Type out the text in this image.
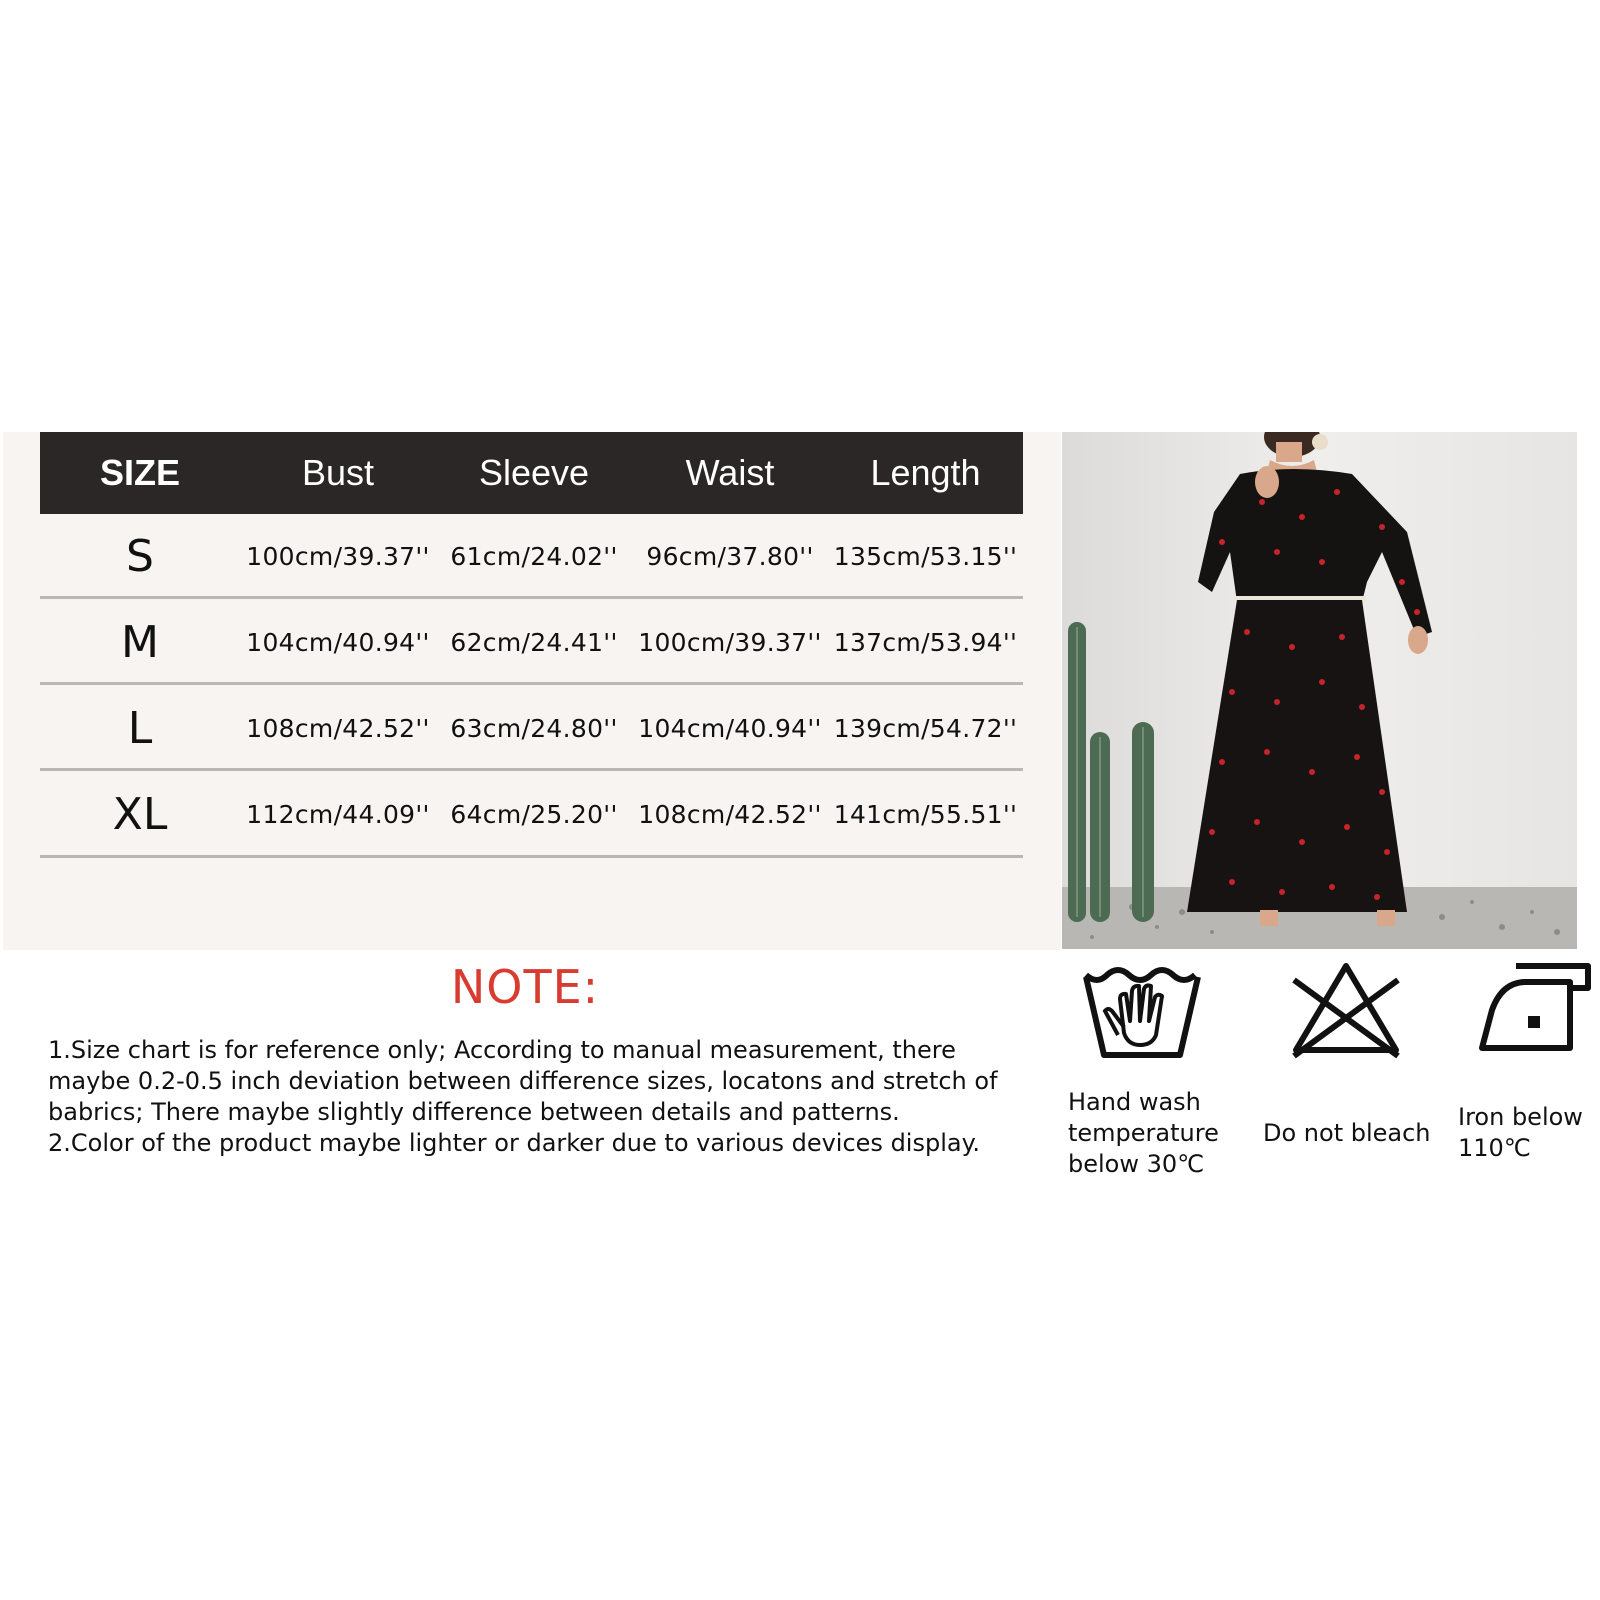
SIZE	Bust	Sleeve	Waist	Length
S	100cm/39.37'' 61cm/24.02''	96cm/37.80'' 135cm/53.15''
M	104cm/40.94'' 62cm/24.41'' 100cm/39.37'' 137cm/53.94''
L	108cm/42.52'' 63cm/24.80'' 104cm/40.94'' 139cm/54.72''
XL	112cm/44.09'' 64cm/25.20'' 108cm/42.52'' 141cm/55.51''
NOTE:

1.Size chart is for reference only; According to manual measurement, there

maybe 0.2-0.5 inch deviation between difference sizes, locatons and stretch of

babrics; There maybe slightly difference between details and patterns.

2.Color of the product maybe lighter or darker due to various devices display.

Hand wash
temperature
below 30℃
Do not bleach
Iron below
110℃
